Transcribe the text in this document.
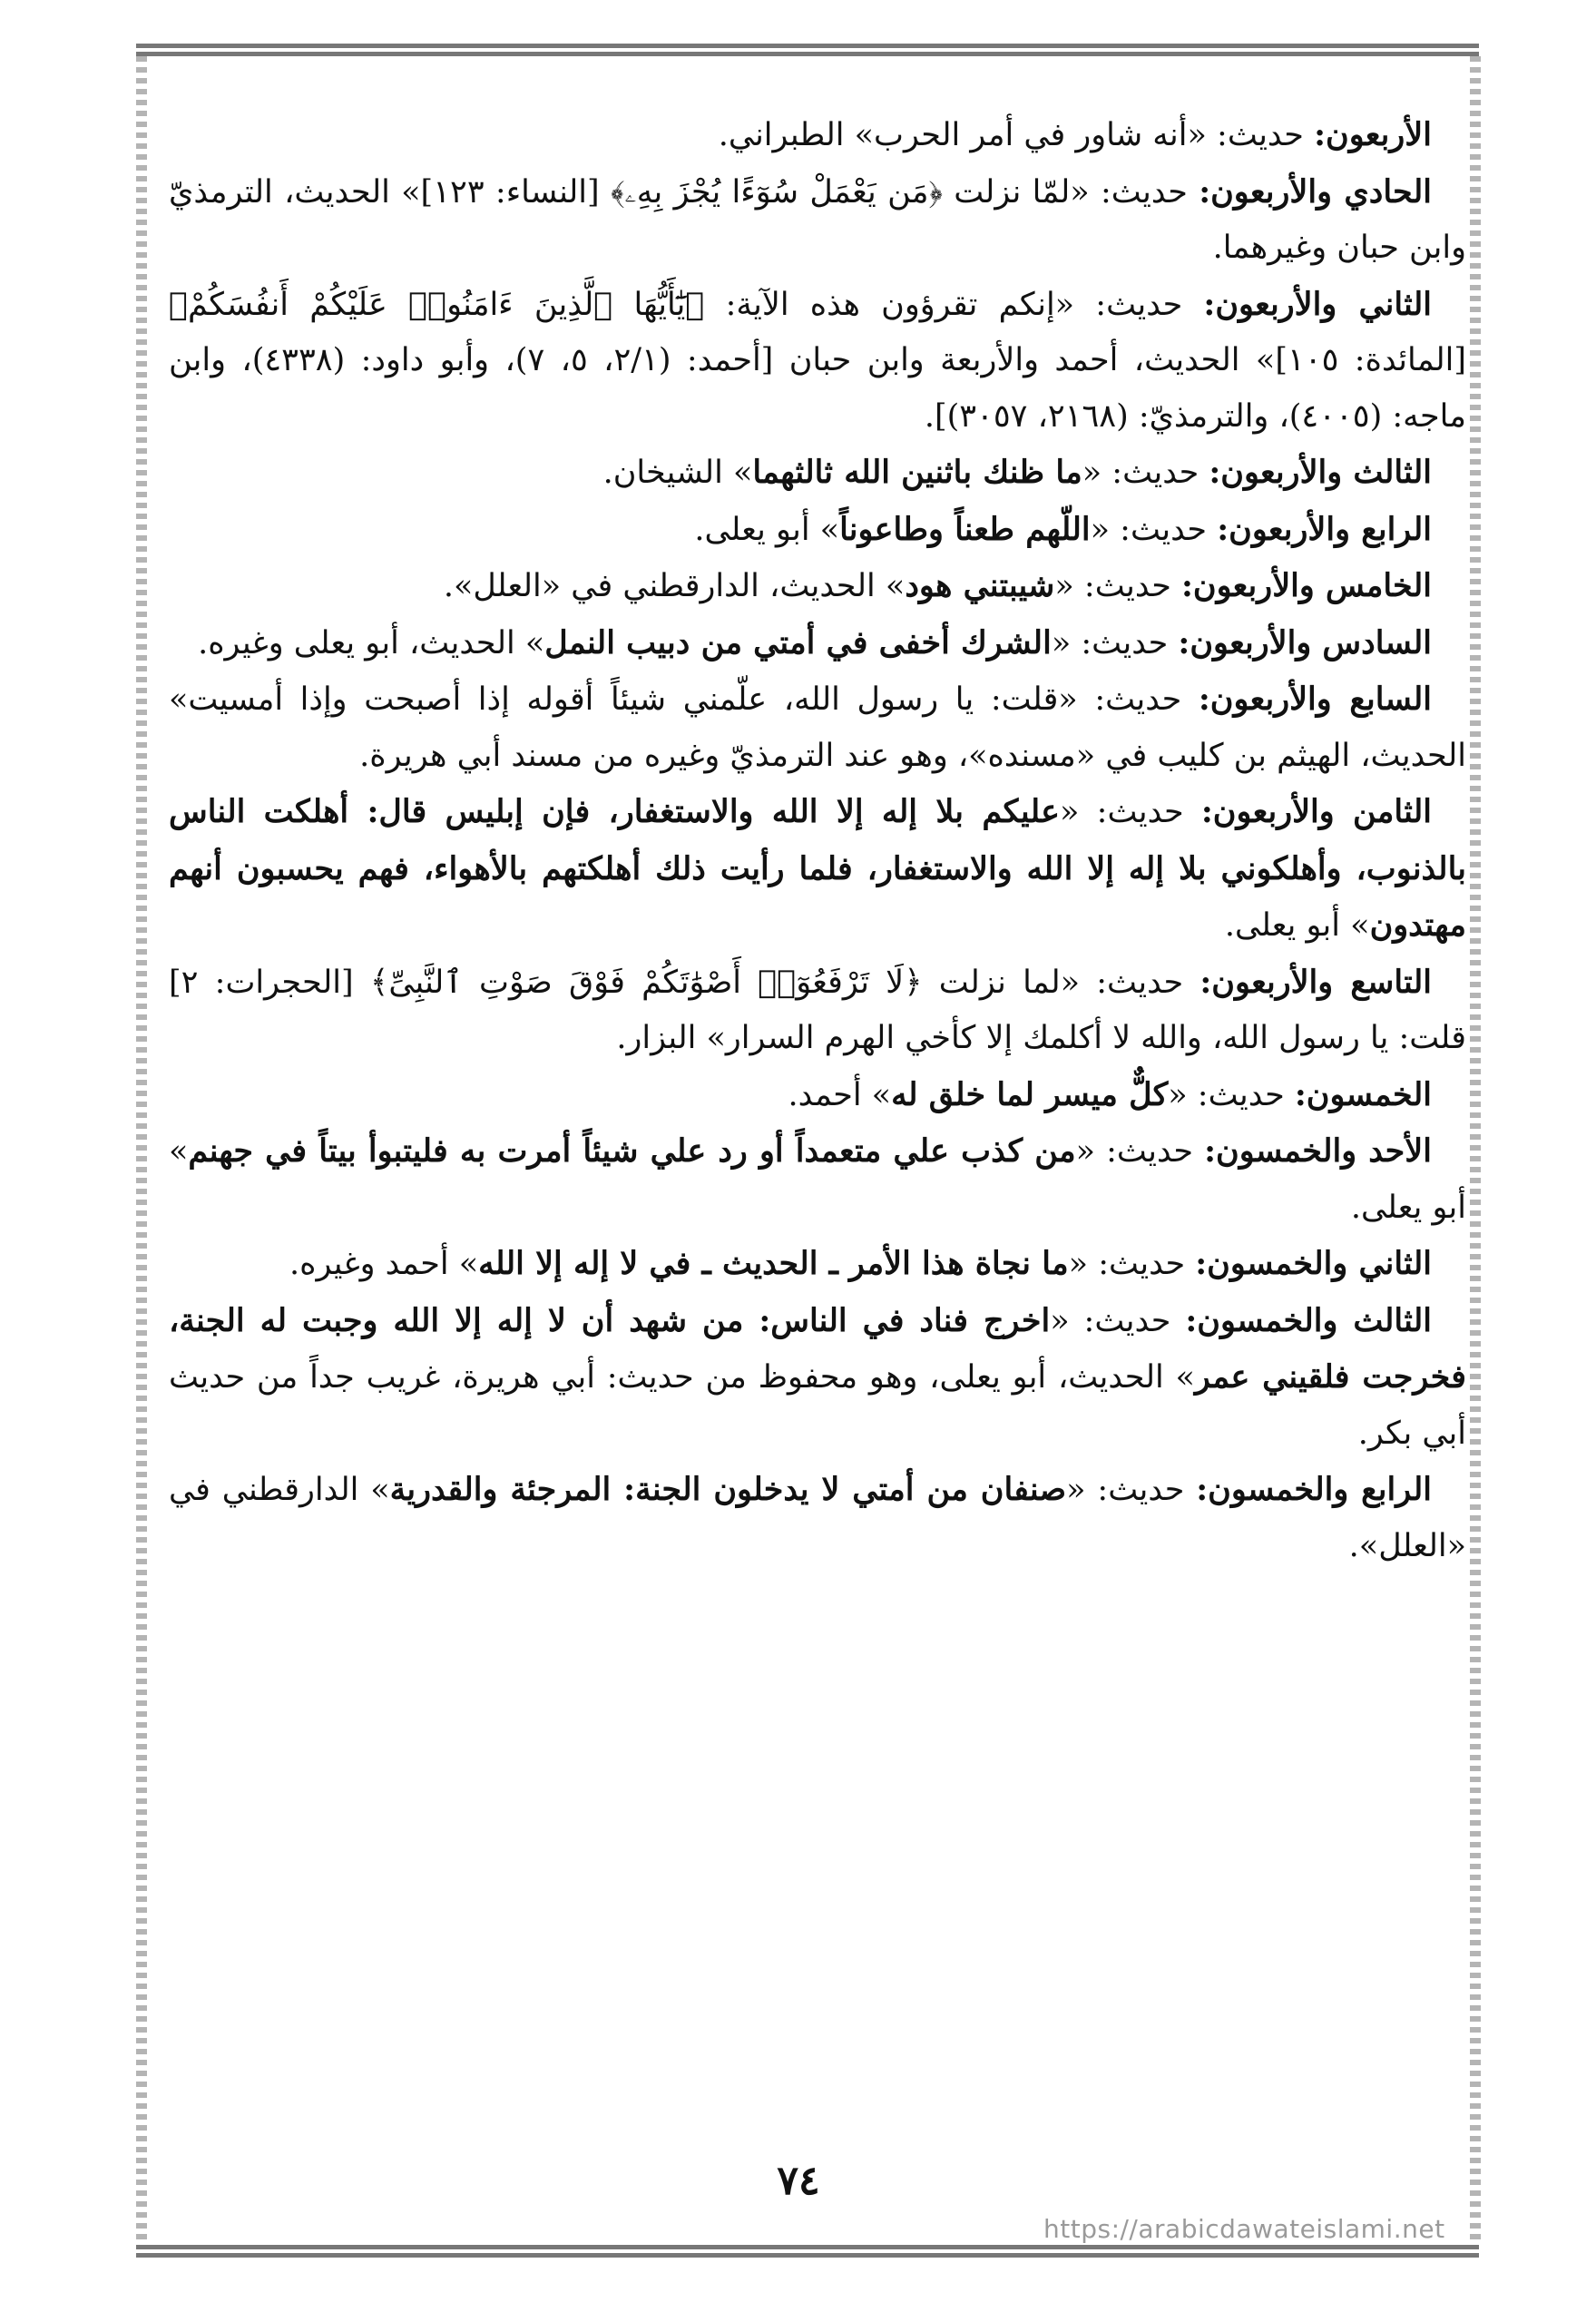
الأربعون: حديث: «أنه شاور في أمر الحرب» الطبراني.

الحادي والأربعون: حديث: «لمّا نزلت ﴿مَن يَعْمَلْ سُوٓءًا يُجْزَ بِهِۦ﴾ [النساء: ١٢٣]» الحديث، الترمذيّ وابن حبان وغيرهما.

الثاني والأربعون: حديث: «إنكم تقرؤون هذه الآية: ﴿يَٰٓأَيُّهَا ٱلَّذِينَ ءَامَنُوا۟ عَلَيْكُمْ أَنفُسَكُمْ﴾ [المائدة: ١٠٥]» الحديث، أحمد والأربعة وابن حبان [أحمد: (٢/١، ٥، ٧)، وأبو داود: (٤٣٣٨)، وابن ماجه: (٤٠٠٥)، والترمذيّ: (٢١٦٨، ٣٠٥٧)].

الثالث والأربعون: حديث: «ما ظنك باثنين الله ثالثهما» الشيخان.

الرابع والأربعون: حديث: «اللّهم طعناً وطاعوناً» أبو يعلى.

الخامس والأربعون: حديث: «شيبتني هود» الحديث، الدارقطني في «العلل».

السادس والأربعون: حديث: «الشرك أخفى في أمتي من دبيب النمل» الحديث، أبو يعلى وغيره.

السابع والأربعون: حديث: «قلت: يا رسول الله، علّمني شيئاً أقوله إذا أصبحت وإذا أمسيت» الحديث، الهيثم بن كليب في «مسنده»، وهو عند الترمذيّ وغيره من مسند أبي هريرة.

الثامن والأربعون: حديث: «عليكم بلا إله إلا الله والاستغفار، فإن إبليس قال: أهلكت الناس بالذنوب، وأهلكوني بلا إله إلا الله والاستغفار، فلما رأيت ذلك أهلكتهم بالأهواء، فهم يحسبون أنهم مهتدون» أبو يعلى.

التاسع والأربعون: حديث: «لما نزلت ﴿لَا تَرْفَعُوٓا۟ أَصْوَٰتَكُمْ فَوْقَ صَوْتِ ٱلنَّبِىِّ﴾ [الحجرات: ٢] قلت: يا رسول الله، والله لا أكلمك إلا كأخي الهرم السرار» البزار.

الخمسون: حديث: «كلٌّ ميسر لما خلق له» أحمد.

الأحد والخمسون: حديث: «من كذب علي متعمداً أو رد علي شيئاً أمرت به فليتبوأ بيتاً في جهنم» أبو يعلى.

الثاني والخمسون: حديث: «ما نجاة هذا الأمر ـ الحديث ـ في لا إله إلا الله» أحمد وغيره.

الثالث والخمسون: حديث: «اخرج فناد في الناس: من شهد أن لا إله إلا الله وجبت له الجنة، فخرجت فلقيني عمر» الحديث، أبو يعلى، وهو محفوظ من حديث: أبي هريرة، غريب جداً من حديث أبي بكر.

الرابع والخمسون: حديث: «صنفان من أمتي لا يدخلون الجنة: المرجئة والقدرية» الدارقطني في «العلل».

٧٤
https://arabicdawateislami.net
